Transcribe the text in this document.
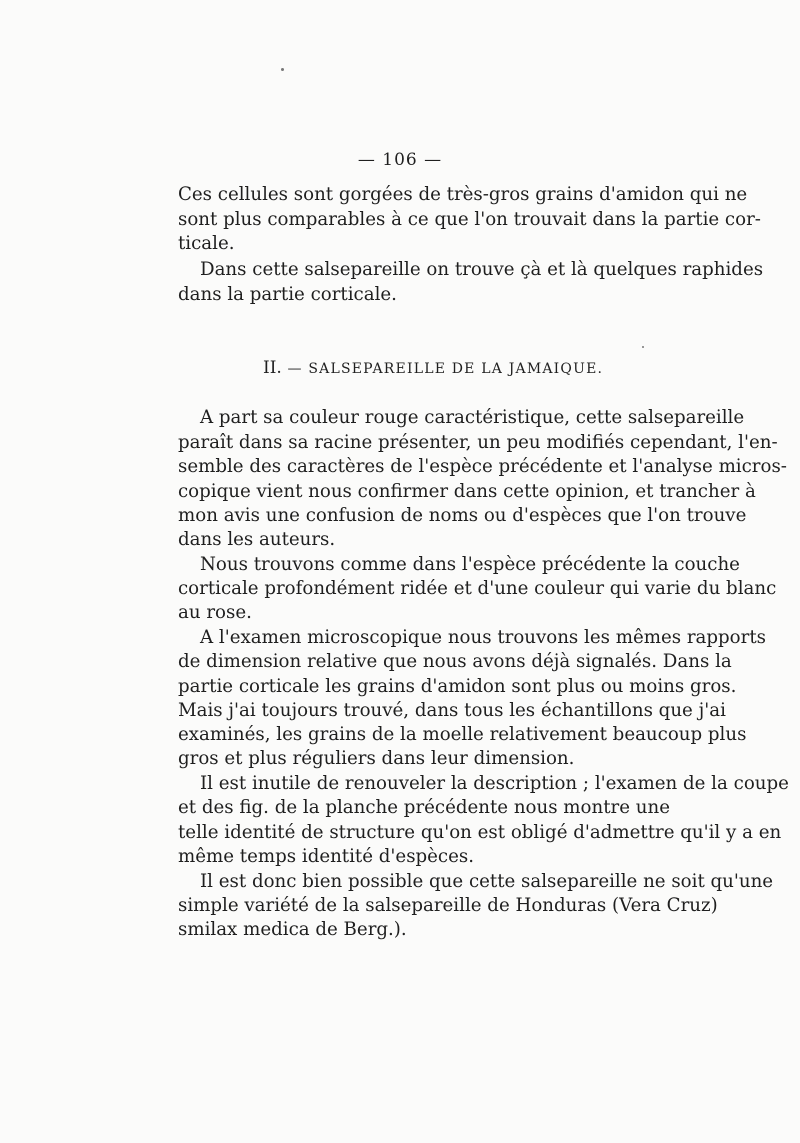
— 106 —
Ces cellules sont gorgées de très-gros grains d'amidon qui ne
sont plus comparables à ce que l'on trouvait dans la partie cor-
ticale.
Dans cette salsepareille on trouve çà et là quelques raphides
dans la partie corticale.
II. — SALSEPAREILLE DE LA JAMAIQUE.
A part sa couleur rouge caractéristique, cette salsepareille
paraît dans sa racine présenter, un peu modifiés cependant, l'en-
semble des caractères de l'espèce précédente et l'analyse micros-
copique vient nous confirmer dans cette opinion, et trancher à
mon avis une confusion de noms ou d'espèces que l'on trouve
dans les auteurs.
Nous trouvons comme dans l'espèce précédente la couche
corticale profondément ridée et d'une couleur qui varie du blanc
au rose.
A l'examen microscopique nous trouvons les mêmes rapports
de dimension relative que nous avons déjà signalés. Dans la
partie corticale les grains d'amidon sont plus ou moins gros.
Mais j'ai toujours trouvé, dans tous les échantillons que j'ai
examinés, les grains de la moelle relativement beaucoup plus
gros et plus réguliers dans leur dimension.
Il est inutile de renouveler la description ; l'examen de la coupe
et des fig. de la planche précédente nous montre une
telle identité de structure qu'on est obligé d'admettre qu'il y a en
même temps identité d'espèces.
Il est donc bien possible que cette salsepareille ne soit qu'une
simple variété de la salsepareille de Honduras (Vera Cruz)
smilax medica de Berg.).
